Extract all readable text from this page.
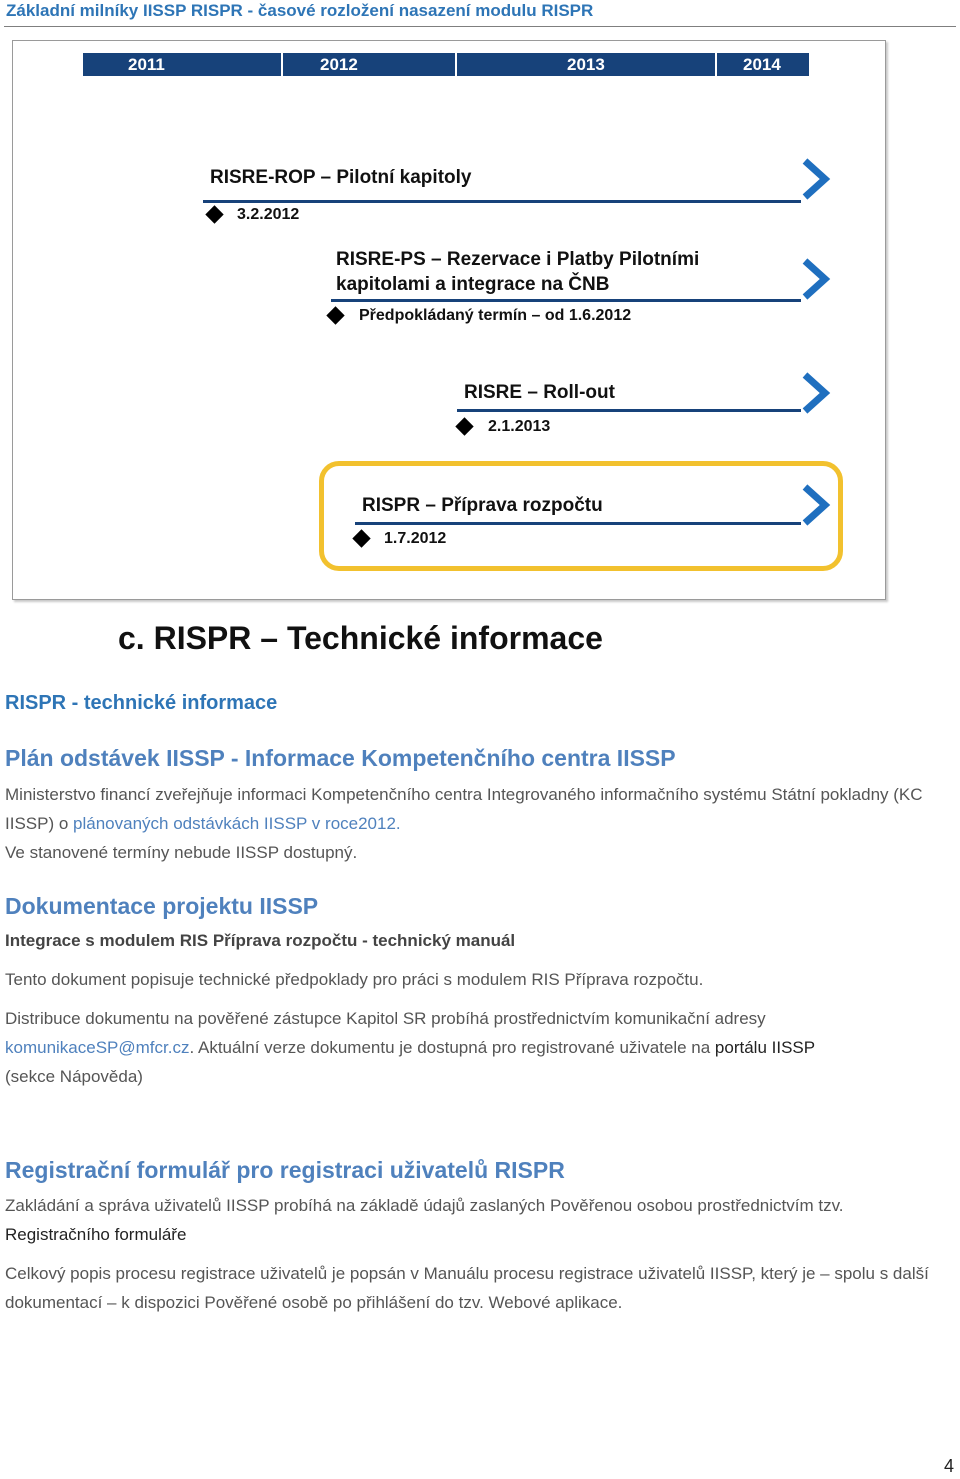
Základní milníky IISSP RISPR - časové rozložení nasazení modulu RISPR
2011	2012	2013	2014
RISRE-ROP – Pilotní kapitoly
3.2.2012
RISRE-PS – Rezervace i Platby Pilotními
kapitolami a integrace na ČNB
Předpokládaný termín – od 1.6.2012
RISRE – Roll-out
2.1.2013
RISPR – Příprava rozpočtu
1.7.2012
c. RISPR – Technické informace
RISPR - technické informace
Plán odstávek IISSP - Informace Kompetenčního centra IISSP
Ministerstvo financí zveřejňuje informaci Kompetenčního centra Integrovaného informačního systému Státní pokladny (KC IISSP) o plánovaných odstávkách IISSP v roce2012.
Ve stanovené termíny nebude IISSP dostupný.
Dokumentace projektu IISSP
Integrace s modulem RIS Příprava rozpočtu - technický manuál
Tento dokument popisuje technické předpoklady pro práci s modulem RIS Příprava rozpočtu.
Distribuce dokumentu na pověřené zástupce Kapitol SR probíhá prostřednictvím komunikační adresy komunikaceSP@mfcr.cz. Aktuální verze dokumentu je dostupná pro registrované uživatele na portálu IISSP
(sekce Nápověda)
Registrační formulář pro registraci uživatelů RISPR
Zakládání a správa uživatelů IISSP probíhá na základě údajů zaslaných Pověřenou osobou prostřednictvím tzv. Registračního formuláře
Celkový popis procesu registrace uživatelů je popsán v Manuálu procesu registrace uživatelů IISSP, který je – spolu s další dokumentací – k dispozici Pověřené osobě po přihlášení do tzv. Webové aplikace.
4
